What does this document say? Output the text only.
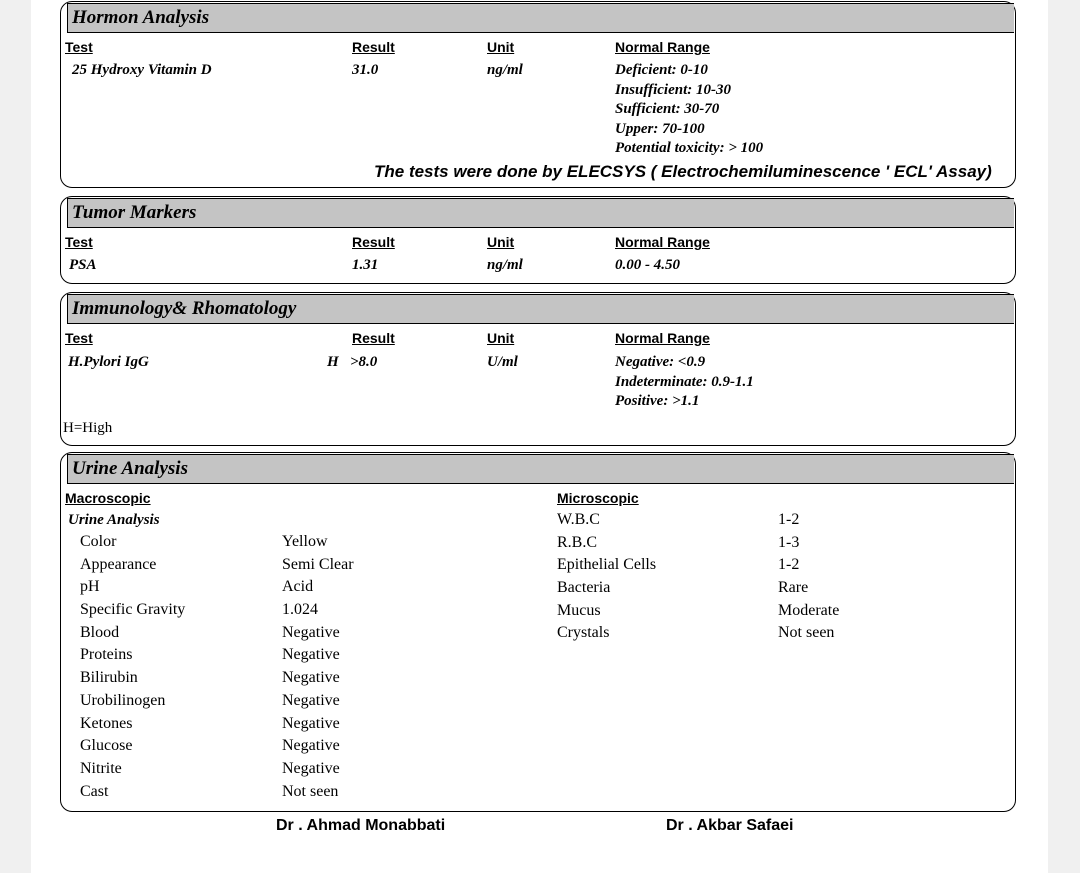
Hormon Analysis
Test	Result	Unit	Normal Range
25 Hydroxy Vitamin D	31.0	ng/ml	Deficient: 0-10
Insufficient: 10-30
Sufficient: 30-70
Upper: 70-100
Potential toxicity: > 100
The tests were done by ELECSYS ( Electrochemiluminescence ' ECL' Assay)
Tumor Markers
Test	Result	Unit	Normal Range
PSA	1.31	ng/ml	0.00 - 4.50
Immunology& Rhomatology
Test	Result	Unit	Normal Range
H.Pylori IgG	H >8.0	U/ml	Negative: <0.9
Indeterminate: 0.9-1.1
Positive: >1.1
H=High
Urine Analysis
Macroscopic
Urine Analysis
Microscopic
Color	Yellow
Appearance	Semi Clear
pH	Acid
Specific Gravity	1.024
Blood	Negative
Proteins	Negative
Bilirubin	Negative
Urobilinogen	Negative
Ketones	Negative
Glucose	Negative
Nitrite	Negative
Cast	Not seen
W.B.C	1-2
R.B.C	1-3
Epithelial Cells	1-2
Bacteria	Rare
Mucus	Moderate
Crystals	Not seen
Dr . Ahmad Monabbati	Dr . Akbar Safaei
